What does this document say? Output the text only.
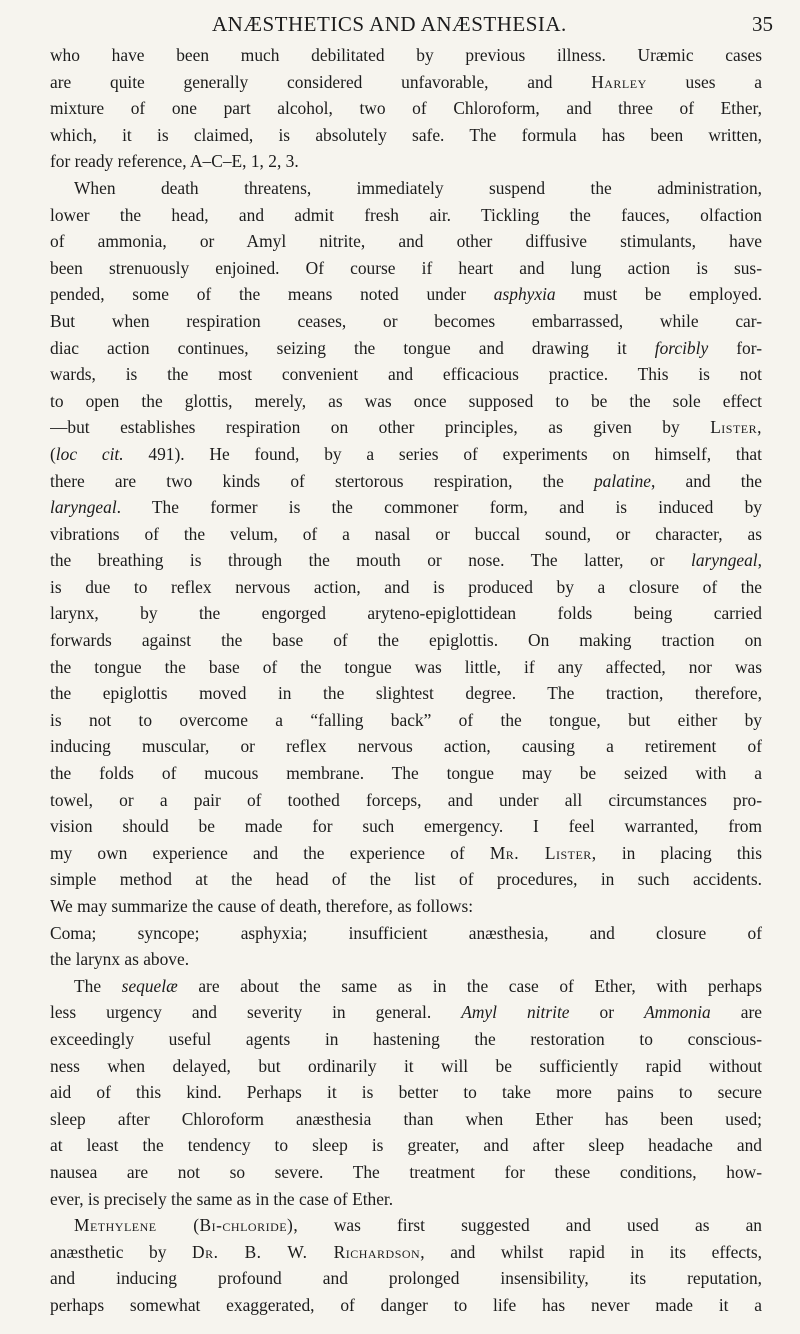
ANÆSTHETICS AND ANÆSTHESIA.	35
who have been much debilitated by previous illness. Uræmic cases
are quite generally considered unfavorable, and Harley uses a
mixture of one part alcohol, two of Chloroform, and three of Ether,
which, it is claimed, is absolutely safe. The formula has been written,
for ready reference, A–C–E, 1, 2, 3.
When death threatens, immediately suspend the administration,
lower the head, and admit fresh air. Tickling the fauces, olfaction
of ammonia, or Amyl nitrite, and other diffusive stimulants, have
been strenuously enjoined. Of course if heart and lung action is sus-
pended, some of the means noted under asphyxia must be employed.
But when respiration ceases, or becomes embarrassed, while car-
diac action continues, seizing the tongue and drawing it forcibly for-
wards, is the most convenient and efficacious practice. This is not
to open the glottis, merely, as was once supposed to be the sole effect
—but establishes respiration on other principles, as given by Lister,
(loc cit. 491). He found, by a series of experiments on himself, that
there are two kinds of stertorous respiration, the palatine, and the
laryngeal. The former is the commoner form, and is induced by
vibrations of the velum, of a nasal or buccal sound, or character, as
the breathing is through the mouth or nose. The latter, or laryngeal,
is due to reflex nervous action, and is produced by a closure of the
larynx, by the engorged aryteno-epiglottidean folds being carried
forwards against the base of the epiglottis. On making traction on
the tongue the base of the tongue was little, if any affected, nor was
the epiglottis moved in the slightest degree. The traction, therefore,
is not to overcome a “falling back” of the tongue, but either by
inducing muscular, or reflex nervous action, causing a retirement of
the folds of mucous membrane. The tongue may be seized with a
towel, or a pair of toothed forceps, and under all circumstances pro-
vision should be made for such emergency. I feel warranted, from
my own experience and the experience of Mr. Lister, in placing this
simple method at the head of the list of procedures, in such accidents.
We may summarize the cause of death, therefore, as follows:
Coma; syncope; asphyxia; insufficient anæsthesia, and closure of
the larynx as above.
The sequelæ are about the same as in the case of Ether, with perhaps
less urgency and severity in general. Amyl nitrite or Ammonia are
exceedingly useful agents in hastening the restoration to conscious-
ness when delayed, but ordinarily it will be sufficiently rapid without
aid of this kind. Perhaps it is better to take more pains to secure
sleep after Chloroform anæsthesia than when Ether has been used;
at least the tendency to sleep is greater, and after sleep headache and
nausea are not so severe. The treatment for these conditions, how-
ever, is precisely the same as in the case of Ether.
Methylene (Bi-chloride), was first suggested and used as an
anæsthetic by Dr. B. W. Richardson, and whilst rapid in its effects,
and inducing profound and prolonged insensibility, its reputation,
perhaps somewhat exaggerated, of danger to life has never made it a
